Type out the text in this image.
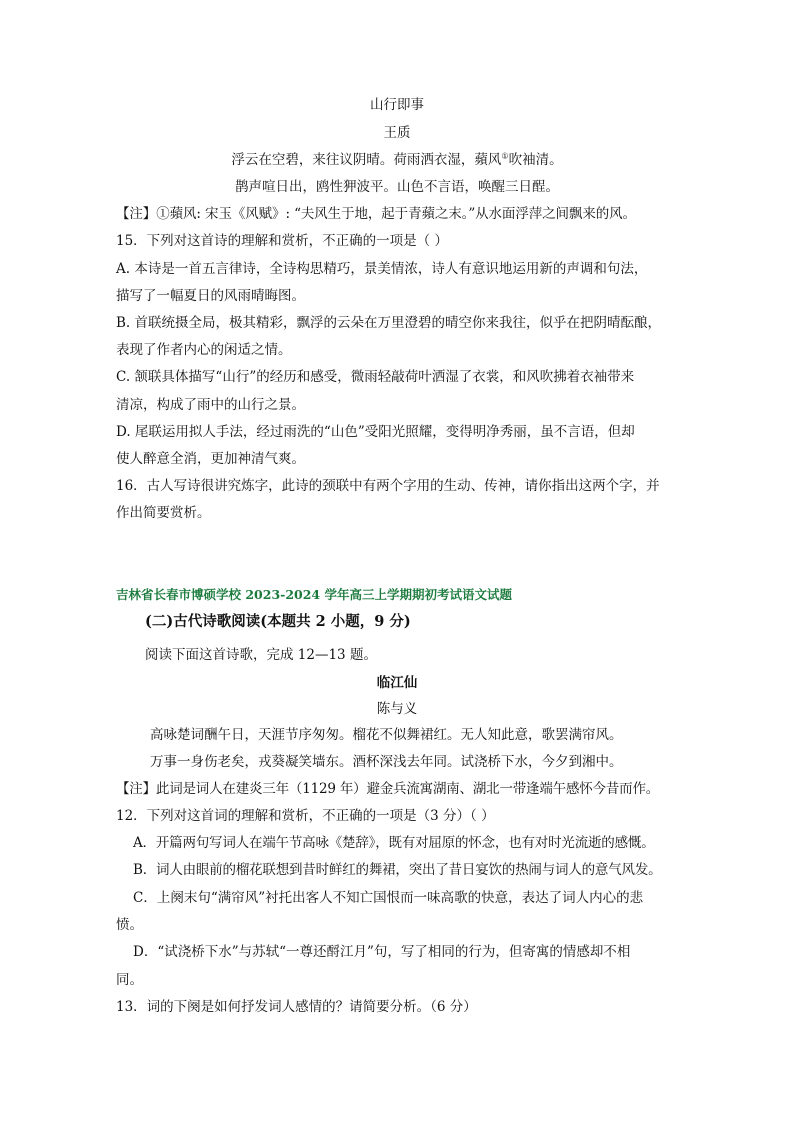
山行即事
王质
浮云在空碧，来往议阴晴。荷雨洒衣湿，蘋风①吹袖清。
鹊声喧日出，鸥性狎波平。山色不言语，唤醒三日酲。
【注】①蘋风: 宋玉《风赋》: “夫风生于地，起于青蘋之末。”从水面浮萍之间飘来的风。
15．下列对这首诗的理解和赏析，不正确的一项是（ ）
A. 本诗是一首五言律诗，全诗构思精巧，景美情浓，诗人有意识地运用新的声调和句法，
描写了一幅夏日的风雨晴晦图。
B. 首联统摄全局，极其精彩，飘浮的云朵在万里澄碧的晴空你来我往，似乎在把阴晴酝酿，
表现了作者内心的闲适之情。
C. 颔联具体描写“山行”的经历和感受，微雨轻敲荷叶洒湿了衣裳，和风吹拂着衣袖带来
清凉，构成了雨中的山行之景。
D. 尾联运用拟人手法，经过雨洗的“山色”受阳光照耀，变得明净秀丽，虽不言语，但却
使人醉意全消，更加神清气爽。
16．古人写诗很讲究炼字，此诗的颈联中有两个字用的生动、传神，请你指出这两个字，并
作出简要赏析。
吉林省长春市博硕学校 2023-2024 学年高三上学期期初考试语文试题
(二)古代诗歌阅读(本题共 2 小题，9 分)
阅读下面这首诗歌，完成 12—13 题。
临江仙
陈与义
高咏楚词酬午日，天涯节序匆匆。榴花不似舞裙红。无人知此意，歌罢满帘风。
万事一身伤老矣，戎葵凝笑墙东。酒杯深浅去年同。试浇桥下水，今夕到湘中。
【注】此词是词人在建炎三年（1129 年）避金兵流寓湖南、湖北一带逢端午感怀今昔而作。
12．下列对这首词的理解和赏析，不正确的一项是（3 分）（ ）
A．开篇两句写词人在端午节高咏《楚辞》，既有对屈原的怀念，也有对时光流逝的感慨。
B．词人由眼前的榴花联想到昔时鲜红的舞裙，突出了昔日宴饮的热闹与词人的意气风发。
C．上阕末句“满帘风”衬托出客人不知亡国恨而一味高歌的快意，表达了词人内心的悲
愤。
D．“试浇桥下水”与苏轼“一尊还酹江月”句，写了相同的行为，但寄寓的情感却不相
同。
13．词的下阕是如何抒发词人感情的？请简要分析。（6 分）
